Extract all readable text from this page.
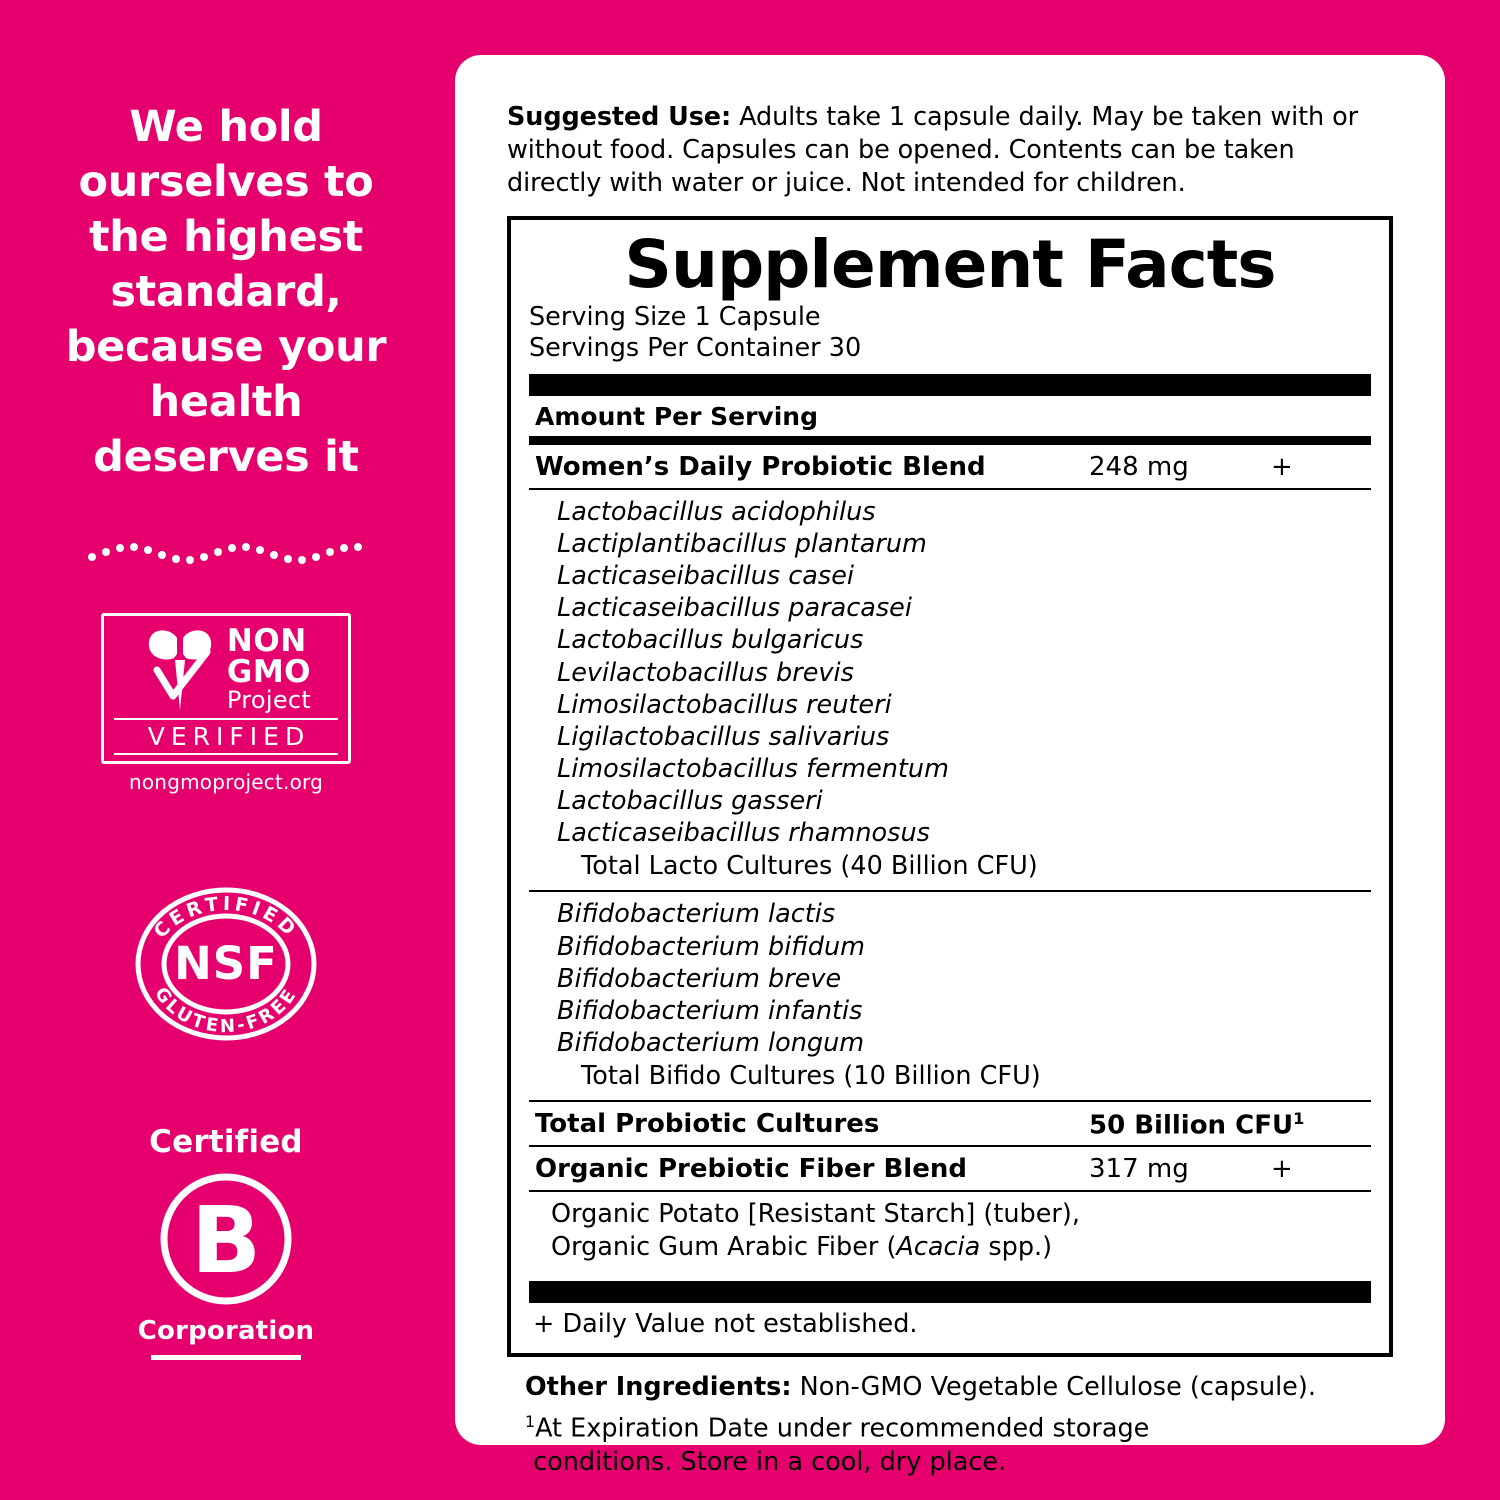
We hold ourselves to the highest standard, because your health deserves it
NON
GMO
Project
VERIFIED
nongmoproject.org
CERTIFIED
GLUTEN-FREE
NSF
Certified
B
Corporation
Suggested Use: Adults take 1 capsule daily. May be taken with or without food. Capsules can be opened. Contents can be taken directly with water or juice. Not intended for children.
Supplement Facts
Serving Size 1 Capsule
Servings Per Container 30
Amount Per Serving
Women’s Daily Probiotic Blend	248 mg	+
Lactobacillus acidophilus
Lactiplantibacillus plantarum
Lacticaseibacillus casei
Lacticaseibacillus paracasei
Lactobacillus bulgaricus
Levilactobacillus brevis
Limosilactobacillus reuteri
Ligilactobacillus salivarius
Limosilactobacillus fermentum
Lactobacillus gasseri
Lacticaseibacillus rhamnosus
Total Lacto Cultures (40 Billion CFU)
Bifidobacterium lactis
Bifidobacterium bifidum
Bifidobacterium breve
Bifidobacterium infantis
Bifidobacterium longum
Total Bifido Cultures (10 Billion CFU)
Total Probiotic Cultures	50 Billion CFU$^1$
Organic Prebiotic Fiber Blend	317 mg	+
Organic Potato [Resistant Starch] (tuber),
Organic Gum Arabic Fiber (Acacia spp.)
+ Daily Value not established.
Other Ingredients: Non-GMO Vegetable Cellulose (capsule).
$^1$At Expiration Date under recommended storage
conditions. Store in a cool, dry place.
